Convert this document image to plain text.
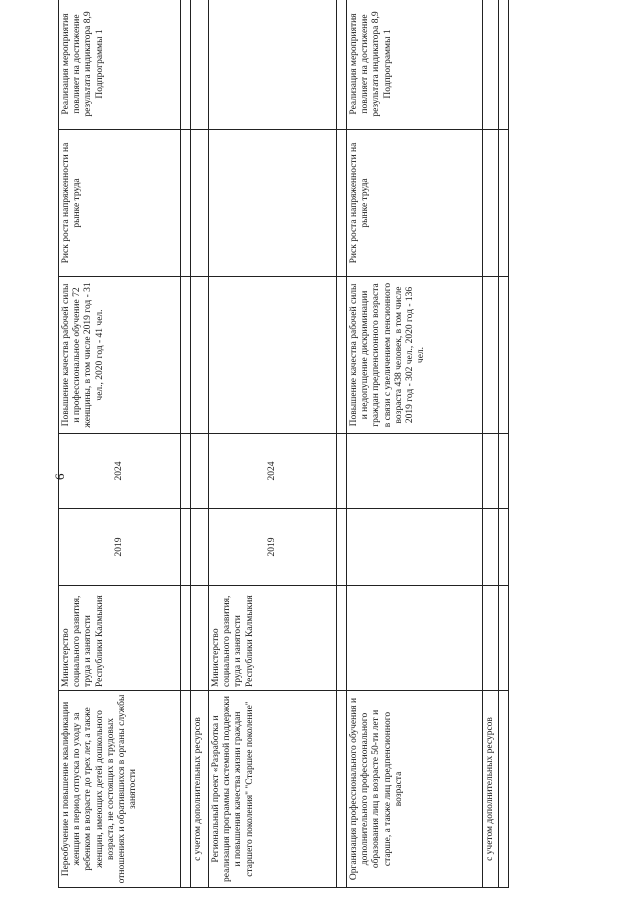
6
Переобучение и повышение квалификации женщин в период отпуска по уходу за ребенком в возрасте до трех лет, а также женщин, имеющих детей дошкольного возраста, не состоящих в трудовых отношениях и обратившихся в органы службы занятости	Министерство социального развития, труда и занятости Республики Калмыкия	2019	2024	Повышение качества рабочей силы и профессиональное обучение 72 женщины, в том числе 2019 год - 31 чел., 2020 год - 41 чел.	Риск роста напряженности на рынке труда	Реализация мероприятия повлияет на достижение результата индикатора 8,9 Подпрограммы 1	

с учетом дополнительных ресурсов							
Региональный проект «Разработка и реализация программы системной поддержки и повышения качества жизни граждан старшего поколения" "Старшее поколение"	Министерство социального развития, труда и занятости Республики Калмыкия	2019	2024				

Организация профессионального обучения и дополнительного профессионального образования лиц в возрасте 50-ти лет и старше, а также лиц предпенсионного возраста				Повышение качества рабочей силы и недопущение дискриминации граждан предпенсионного возраста в связи с увеличением пенсионного возраста 438 человек, в том числе 2019 год - 302 чел., 2020 год - 136 чел.	Риск роста напряженности на рынке труда	Реализация мероприятия повлияет на достижение результата индикатора 8,9 Подпрограммы 1	
с учетом дополнительных ресурсов							
